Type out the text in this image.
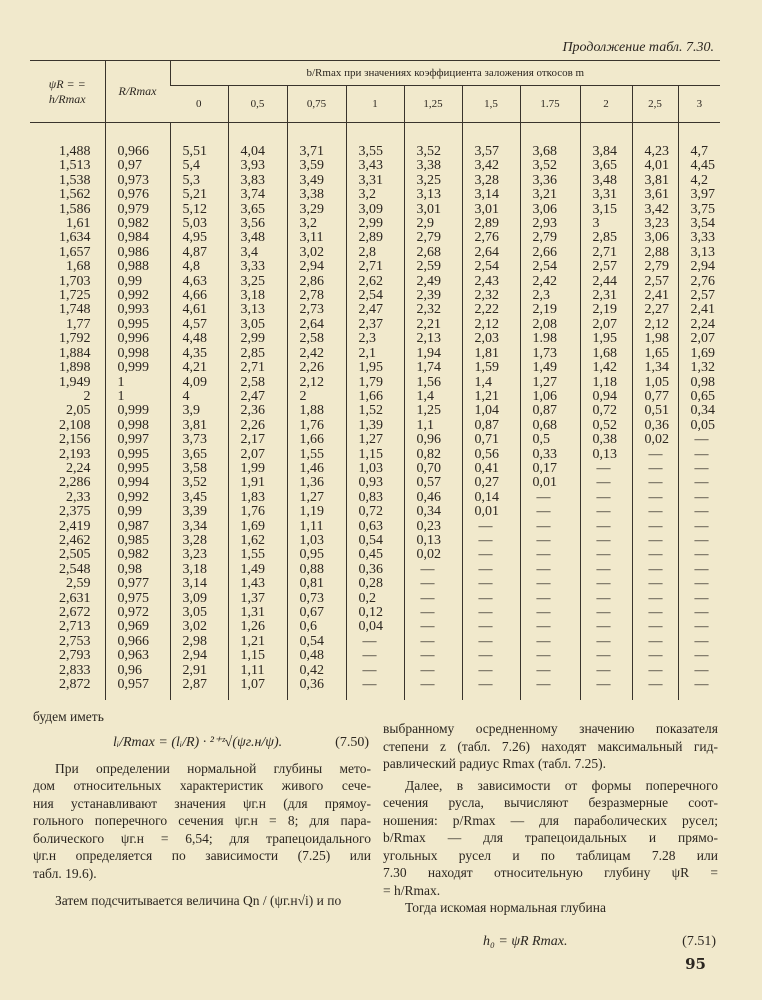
Продолжение табл. 7.30.
ψR = = h/Rmax	R/Rmax	b/Rmax при значениях коэффициента заложения откосов m									
		0	0,5	0,75	1	1,25	1,5	1.75	2	2,5	3
1,488	0,966	5,51	4,04	3,71	3,55	3,52	3,57	3,68	3,84	4,23	4,7
1,513	0,97	5,4	3,93	3,59	3,43	3,38	3,42	3,52	3,65	4,01	4,45
1,538	0,973	5,3	3,83	3,49	3,31	3,25	3,28	3,36	3,48	3,81	4,2
1,562	0,976	5,21	3,74	3,38	3,2	3,13	3,14	3,21	3,31	3,61	3,97
1,586	0,979	5,12	3,65	3,29	3,09	3,01	3,01	3,06	3,15	3,42	3,75
1,61	0,982	5,03	3,56	3,2	2,99	2,9	2,89	2,93	3	3,23	3,54
1,634	0,984	4,95	3,48	3,11	2,89	2,79	2,76	2,79	2,85	3,06	3,33
1,657	0,986	4,87	3,4	3,02	2,8	2,68	2,64	2,66	2,71	2,88	3,13
1,68	0,988	4,8	3,33	2,94	2,71	2,59	2,54	2,54	2,57	2,79	2,94
1,703	0,99	4,63	3,25	2,86	2,62	2,49	2,43	2,42	2,44	2,57	2,76
1,725	0,992	4,66	3,18	2,78	2,54	2,39	2,32	2,3	2,31	2,41	2,57
1,748	0,993	4,61	3,13	2,73	2,47	2,32	2,22	2,19	2,19	2,27	2,41
1,77	0,995	4,57	3,05	2,64	2,37	2,21	2,12	2,08	2,07	2,12	2,24
1,792	0,996	4,48	2,99	2,58	2,3	2,13	2,03	1.98	1,95	1,98	2,07
1,884	0,998	4,35	2,85	2,42	2,1	1,94	1,81	1,73	1,68	1,65	1,69
1,898	0,999	4,21	2,71	2,26	1,95	1,74	1,59	1,49	1,42	1,34	1,32
1,949	1	4,09	2,58	2,12	1,79	1,56	1,4	1,27	1,18	1,05	0,98
2	1	4	2,47	2	1,66	1,4	1,21	1,06	0,94	0,77	0,65
2,05	0,999	3,9	2,36	1,88	1,52	1,25	1,04	0,87	0,72	0,51	0,34
2,108	0,998	3,81	2,26	1,76	1,39	1,1	0,87	0,68	0,52	0,36	0,05
2,156	0,997	3,73	2,17	1,66	1,27	0,96	0,71	0,5	0,38	0,02	—
2,193	0,995	3,65	2,07	1,55	1,15	0,82	0,56	0,33	0,13	—	—
2,24	0,995	3,58	1,99	1,46	1,03	0,70	0,41	0,17	—	—	—
2,286	0,994	3,52	1,91	1,36	0,93	0,57	0,27	0,01	—	—	—
2,33	0,992	3,45	1,83	1,27	0,83	0,46	0,14	—	—	—	—
2,375	0,99	3,39	1,76	1,19	0,72	0,34	0,01	—	—	—	—
2,419	0,987	3,34	1,69	1,11	0,63	0,23	—	—	—	—	—
2,462	0,985	3,28	1,62	1,03	0,54	0,13	—	—	—	—	—
2,505	0,982	3,23	1,55	0,95	0,45	0,02	—	—	—	—	—
2,548	0,98	3,18	1,49	0,88	0,36	—	—	—	—	—	—
2,59	0,977	3,14	1,43	0,81	0,28	—	—	—	—	—	—
2,631	0,975	3,09	1,37	0,73	0,2	—	—	—	—	—	—
2,672	0,972	3,05	1,31	0,67	0,12	—	—	—	—	—	—
2,713	0,969	3,02	1,26	0,6	0,04	—	—	—	—	—	—
2,753	0,966	2,98	1,21	0,54	—	—	—	—	—	—	—
2,793	0,963	2,94	1,15	0,48	—	—	—	—	—	—	—
2,833	0,96	2,91	1,11	0,42	—	—	—	—	—	—	—
2,872	0,957	2,87	1,07	0,36	—	—	—	—	—	—	—
будем иметь
lᵢ/Rmax = (lᵢ/R) · ²⁺ᶻ√(ψг.н/ψ).	(7.50)
При определении нормальной глубины мето-
дом относительных характеристик живого сече-
ния устанавливают значения ψг.н (для прямоу-
гольного поперечного сечения ψг.н = 8; для пара-
болического ψг.н = 6,54; для трапецоидального
ψг.н определяется по зависимости (7.25) или
табл. 19.6).
Затем подсчитывается величина Qn / (ψг.н√i) и по
выбранному осредненному значению показателя
степени z (табл. 7.26) находят максимальный гид-
равлический радиус Rmax (табл. 7.25).
Далее, в зависимости от формы поперечного
сечения русла, вычисляют безразмерные соот-
ношения: p/Rmax — для параболических русел;
b/Rmax — для трапецоидальных и прямо-
угольных русел и по таблицам 7.28 или
7.30 находят относительную глубину ψR =
= h/Rmax.
Тогда искомая нормальная глубина
h₀ = ψR Rmax.	(7.51)
95
